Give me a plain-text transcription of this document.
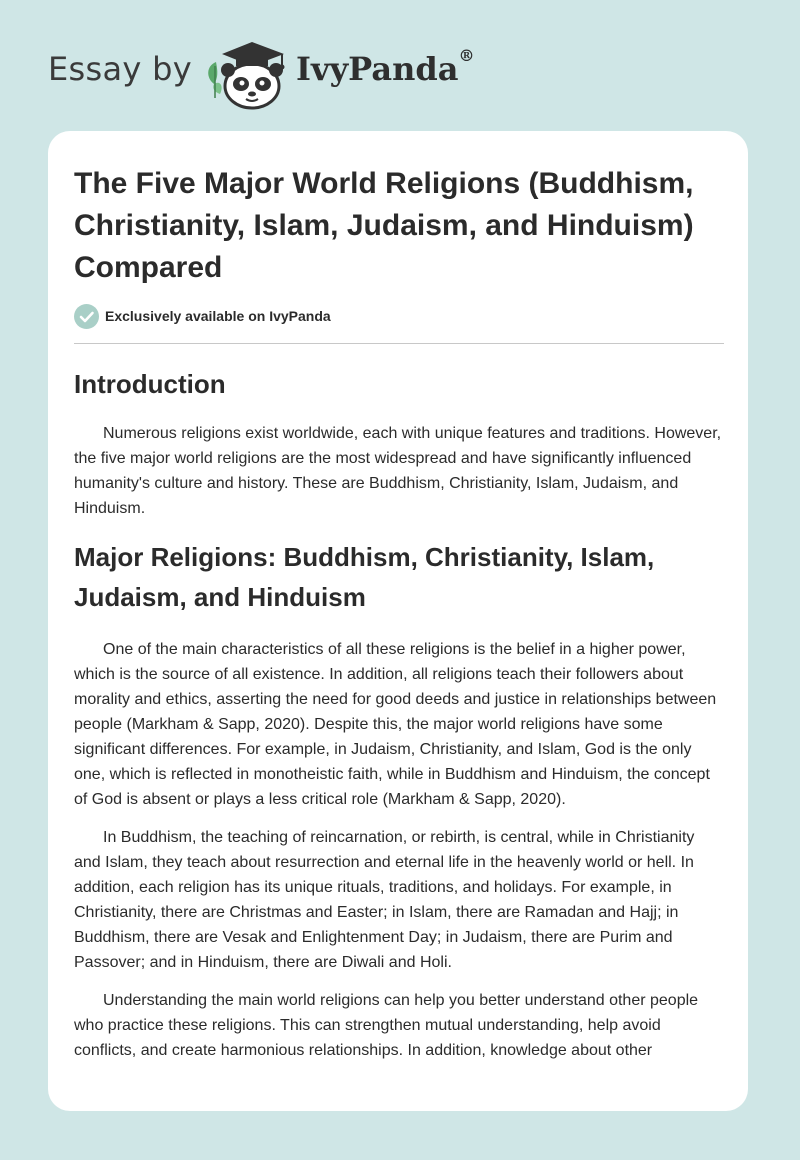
Essay by	IvyPanda®
The Five Major World Religions (Buddhism, Christianity, Islam, Judaism, and Hinduism) Compared
Exclusively available on IvyPanda
Introduction

Numerous religions exist worldwide, each with unique features and traditions. However, the five major world religions are the most widespread and have significantly influenced humanity's culture and history. These are Buddhism, Christianity, Islam, Judaism, and Hinduism.

Major Religions: Buddhism, Christianity, Islam, Judaism, and Hinduism

One of the main characteristics of all these religions is the belief in a higher power, which is the source of all existence. In addition, all religions teach their followers about morality and ethics, asserting the need for good deeds and justice in relationships between people (Markham & Sapp, 2020). Despite this, the major world religions have some significant differences. For example, in Judaism, Christianity, and Islam, God is the only one, which is reflected in monotheistic faith, while in Buddhism and Hinduism, the concept of God is absent or plays a less critical role (Markham & Sapp, 2020).

In Buddhism, the teaching of reincarnation, or rebirth, is central, while in Christianity and Islam, they teach about resurrection and eternal life in the heavenly world or hell. In addition, each religion has its unique rituals, traditions, and holidays. For example, in Christianity, there are Christmas and Easter; in Islam, there are Ramadan and Hajj; in Buddhism, there are Vesak and Enlightenment Day; in Judaism, there are Purim and Passover; and in Hinduism, there are Diwali and Holi.

Understanding the main world religions can help you better understand other people who practice these religions. This can strengthen mutual understanding, help avoid conflicts, and create harmonious relationships. In addition, knowledge about other
